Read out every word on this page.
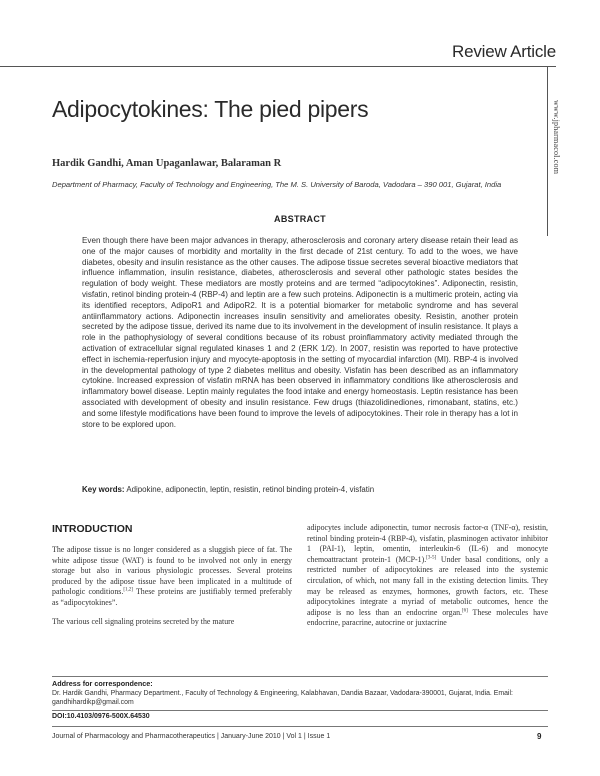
Review Article
www.jpharmacol.com
Adipocytokines: The pied pipers
Hardik Gandhi, Aman Upaganlawar, Balaraman R
Department of Pharmacy, Faculty of Technology and Engineering, The M. S. University of Baroda, Vadodara – 390 001, Gujarat, India
ABSTRACT
Even though there have been major advances in therapy, atherosclerosis and coronary artery disease retain their lead as one of the major causes of morbidity and mortality in the first decade of 21st century. To add to the woes, we have diabetes, obesity and insulin resistance as the other causes. The adipose tissue secretes several bioactive mediators that influence inflammation, insulin resistance, diabetes, atherosclerosis and several other pathologic states besides the regulation of body weight. These mediators are mostly proteins and are termed “adipocytokines”. Adiponectin, resistin, visfatin, retinol binding protein-4 (RBP-4) and leptin are a few such proteins. Adiponectin is a multimeric protein, acting via its identified receptors, AdipoR1 and AdipoR2. It is a potential biomarker for metabolic syndrome and has several antiinflammatory actions. Adiponectin increases insulin sensitivity and ameliorates obesity. Resistin, another protein secreted by the adipose tissue, derived its name due to its involvement in the development of insulin resistance. It plays a role in the pathophysiology of several conditions because of its robust proinflammatory activity mediated through the activation of extracellular signal regulated kinases 1 and 2 (ERK 1/2). In 2007, resistin was reported to have protective effect in ischemia-reperfusion injury and myocyte-apoptosis in the setting of myocardial infarction (MI). RBP-4 is involved in the developmental pathology of type 2 diabetes mellitus and obesity. Visfatin has been described as an inflammatory cytokine. Increased expression of visfatin mRNA has been observed in inflammatory conditions like atherosclerosis and inflammatory bowel disease. Leptin mainly regulates the food intake and energy homeostasis. Leptin resistance has been associated with development of obesity and insulin resistance. Few drugs (thiazolidinediones, rimonabant, statins, etc.) and some lifestyle modifications have been found to improve the levels of adipocytokines. Their role in therapy has a lot in store to be explored upon.
Key words: Adipokine, adiponectin, leptin, resistin, retinol binding protein-4, visfatin
INTRODUCTION

The adipose tissue is no longer considered as a sluggish piece of fat. The white adipose tissue (WAT) is found to be involved not only in energy storage but also in various physiologic processes. Several proteins produced by the adipose tissue have been implicated in a multitude of pathologic conditions.[1,2] These proteins are justifiably termed preferably as “adipocytokines”.

The various cell signaling proteins secreted by the mature

adipocytes include adiponectin, tumor necrosis factor-α (TNF-α), resistin, retinol binding protein-4 (RBP-4), visfatin, plasminogen activator inhibitor 1 (PAI-1), leptin, omentin, interleukin-6 (IL-6) and monocyte chemoattractant protein-1 (MCP-1).[3-5] Under basal conditions, only a restricted number of adipocytokines are released into the systemic circulation, of which, not many fall in the existing detection limits. They may be released as enzymes, hormones, growth factors, etc. These adipocytokines integrate a myriad of metabolic outcomes, hence the adipose is no less than an endocrine organ.[6] These molecules have endocrine, paracrine, autocrine or juxtacrine

Address for correspondence:
Dr. Hardik Gandhi, Pharmacy Department., Faculty of Technology & Engineering, Kalabhavan, Dandia Bazaar, Vadodara-390001, Gujarat, India. Email: gandhihardikp@gmail.com
DOI:10.4103/0976-500X.64530
Journal of Pharmacology and Pharmacotherapeutics | January-June 2010 | Vol 1 | Issue 1	9
